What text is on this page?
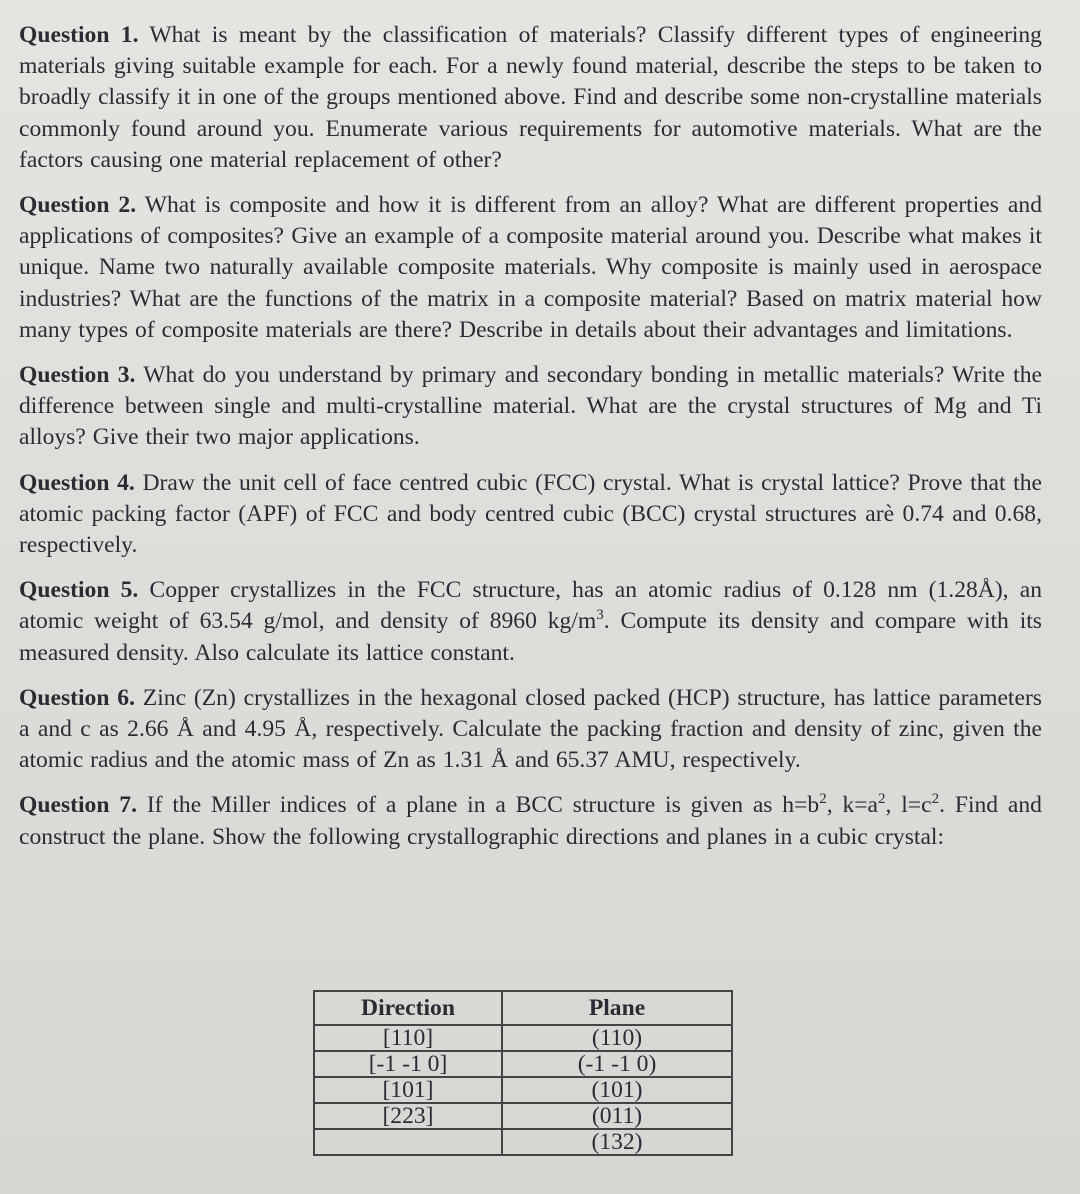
Question 1. What is meant by the classification of materials? Classify different types of engineering materials giving suitable example for each. For a newly found material, describe the steps to be taken to broadly classify it in one of the groups mentioned above. Find and describe some non-crystalline materials commonly found around you. Enumerate various requirements for automotive materials. What are the factors causing one material replacement of other?

Question 2. What is composite and how it is different from an alloy? What are different properties and applications of composites? Give an example of a composite material around you. Describe what makes it unique. Name two naturally available composite materials. Why composite is mainly used in aerospace industries? What are the functions of the matrix in a composite material? Based on matrix material how many types of composite materials are there? Describe in details about their advantages and limitations.

Question 3. What do you understand by primary and secondary bonding in metallic materials? Write the difference between single and multi-crystalline material. What are the crystal structures of Mg and Ti alloys? Give their two major applications.

Question 4. Draw the unit cell of face centred cubic (FCC) crystal. What is crystal lattice? Prove that the atomic packing factor (APF) of FCC and body centred cubic (BCC) crystal structures arè 0.74 and 0.68, respectively.

Question 5. Copper crystallizes in the FCC structure, has an atomic radius of 0.128 nm (1.28Å), an atomic weight of 63.54 g/mol, and density of 8960 $kg/m^3$. Compute its density and compare with its measured density. Also calculate its lattice constant.

Question 6. Zinc (Zn) crystallizes in the hexagonal closed packed (HCP) structure, has lattice parameters a and c as 2.66 Å and 4.95 Å, respectively. Calculate the packing fraction and density of zinc, given the atomic radius and the atomic mass of Zn as 1.31 Å and 65.37 AMU, respectively.

Question 7. If the Miller indices of a plane in a BCC structure is given as $h=b^2$, $k=a^2$, $l=c^2$. Find and construct the plane. Show the following crystallographic directions and planes in a cubic crystal:

Direction	Plane
[110]	(110)
[-1 -1 0]	(-1 -1 0)
[101]	(101)
[223]	(011)
	(132)
